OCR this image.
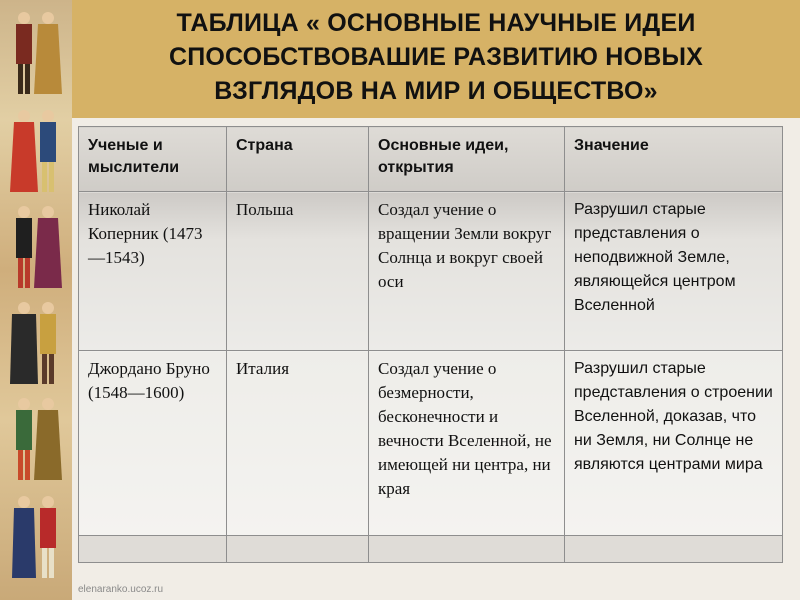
ТАБЛИЦА « ОСНОВНЫЕ НАУЧНЫЕ ИДЕИ
СПОСОБСТВОВАШИЕ РАЗВИТИЮ НОВЫХ
ВЗГЛЯДОВ НА МИР И ОБЩЕСТВО»
Ученые и мыслители	Страна	Основные идеи, открытия	Значение
Николай Коперник (1473—1543)	Польша	Создал учение о вращении Земли вокруг Солнца и вокруг своей оси	Разрушил старые представления о неподвижной Земле, являющейся центром Вселенной
Джордано Бруно (1548—1600)	Италия	Создал учение о безмерности, бесконечности и вечности Вселенной, не имеющей ни центра, ни края	Разрушил старые представления о строении Вселенной, доказав, что ни Земля, ни Солнце не являются центрами мира

elenaranko.ucoz.ru
